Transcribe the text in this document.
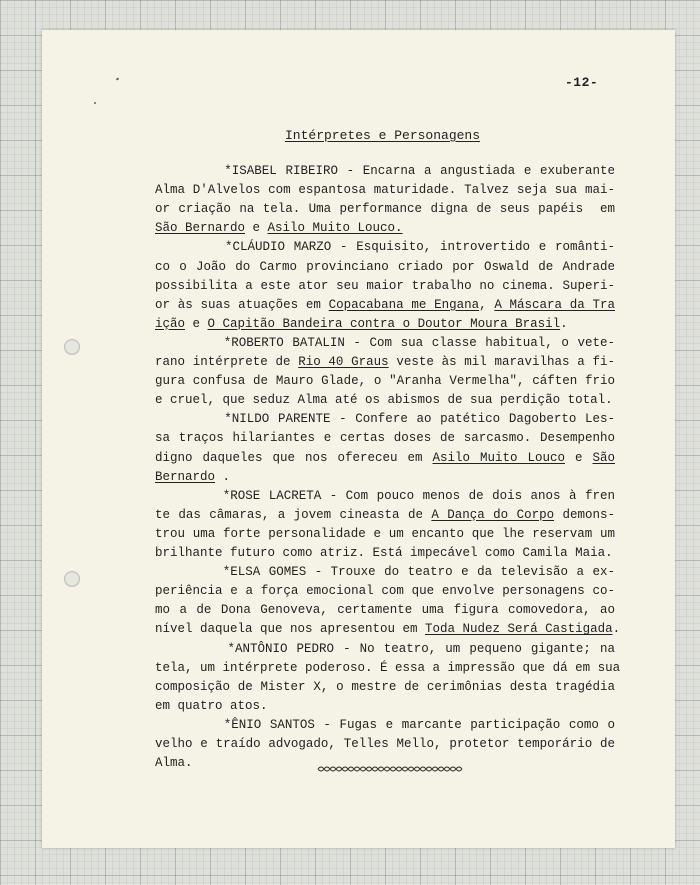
-12-
Intérpretes e Personagens
*ISABEL RIBEIRO - Encarna a angustiada e exuberante
Alma D'Alvelos com espantosa maturidade. Talvez seja sua mai-
or criação na tela. Uma performance digna de seus papéis  em
São Bernardo e Asilo Muito Louco.
*CLÁUDIO MARZO - Esquisito, introvertido e românti-
co o João do Carmo provinciano criado por Oswald de Andrade
possibilita a este ator seu maior trabalho no cinema. Superi-
or às suas atuações em Copacabana me Engana, A Máscara da Tra
ição e O Capitão Bandeira contra o Doutor Moura Brasil.
*ROBERTO BATALIN - Com sua classe habitual, o vete-
rano intérprete de Rio 40 Graus veste às mil maravilhas a fi-
gura confusa de Mauro Glade, o "Aranha Vermelha", cáften frio
e cruel, que seduz Alma até os abismos de sua perdição total.
*NILDO PARENTE - Confere ao patético Dagoberto Les-
sa traços hilariantes e certas doses de sarcasmo. Desempenho
digno daqueles que nos ofereceu em Asilo Muito Louco e São
Bernardo .
*ROSE LACRETA - Com pouco menos de dois anos à fren
te das câmaras, a jovem cineasta de A Dança do Corpo demons-
trou uma forte personalidade e um encanto que lhe reservam um
brilhante futuro como atriz. Está impecável como Camila Maia.
*ELSA GOMES - Trouxe do teatro e da televisão a ex-
periência e a força emocional com que envolve personagens co-
mo a de Dona Genoveva, certamente uma figura comovedora, ao
nível daquela que nos apresentou em Toda Nudez Será Castigada.
*ANTÔNIO PEDRO - No teatro, um pequeno gigante; na
tela, um intérprete poderoso. É essa a impressão que dá em sua
composição de Mister X, o mestre de cerimônias desta tragédia
em quatro atos.
*ÊNIO SANTOS - Fugas e marcante participação como o
velho e traído advogado, Telles Mello, protetor temporário de
Alma.
